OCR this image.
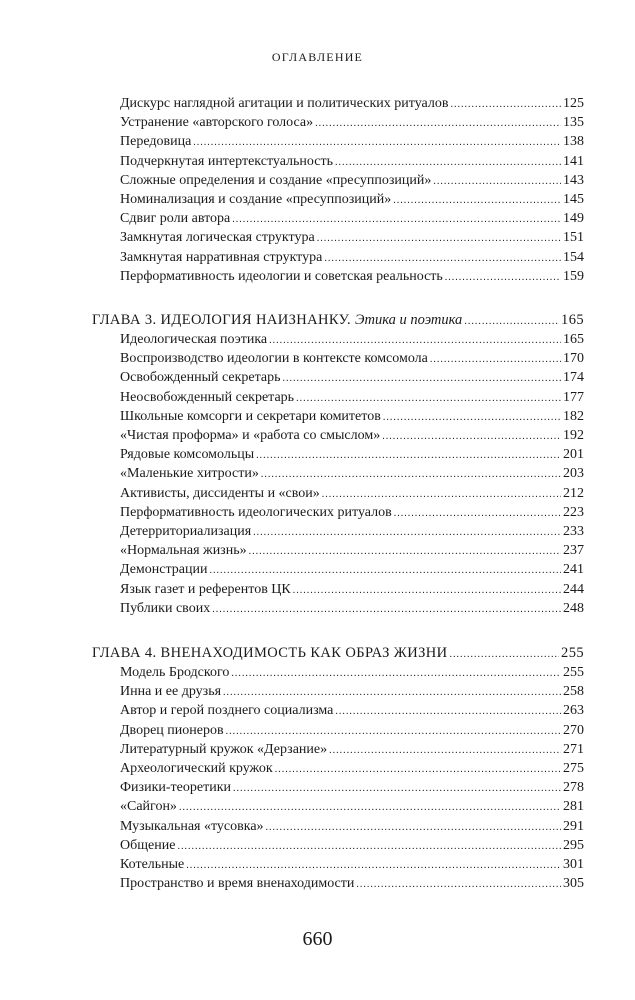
ОГЛАВЛЕНИЕ
Дискурс наглядной агитации и политических ритуалов .....	125
Устранение «авторского голоса» .....	135
Передовица .....	138
Подчеркнутая интертекстуальность .....	141
Сложные определения и создание «пресуппозиций» .....	143
Номинализация и создание «пресуппозиций» .....	145
Сдвиг роли автора .....	149
Замкнутая логическая структура .....	151
Замкнутая нарративная структура .....	154
Перформативность идеологии и советская реальность .....	159
ГЛАВА 3. ИДЕОЛОГИЯ НАИЗНАНКУ. Этика и поэтика .....	165
Идеологическая поэтика .....	165
Воспроизводство идеологии в контексте комсомола .....	170
Освобожденный секретарь .....	174
Неосвобожденный секретарь .....	177
Школьные комсорги и секретари комитетов .....	182
«Чистая проформа» и «работа со смыслом» .....	192
Рядовые комсомольцы .....	201
«Маленькие хитрости» .....	203
Активисты, диссиденты и «свои» .....	212
Перформативность идеологических ритуалов .....	223
Детерриториализация .....	233
«Нормальная жизнь» .....	237
Демонстрации .....	241
Язык газет и референтов ЦК .....	244
Публики своих .....	248
ГЛАВА 4. ВНЕНАХОДИМОСТЬ КАК ОБРАЗ ЖИЗНИ .....	255
Модель Бродского .....	255
Инна и ее друзья .....	258
Автор и герой позднего социализма .....	263
Дворец пионеров .....	270
Литературный кружок «Дерзание» .....	271
Археологический кружок .....	275
Физики-теоретики .....	278
«Сайгон» .....	281
Музыкальная «тусовка» .....	291
Общение .....	295
Котельные .....	301
Пространство и время вненаходимости .....	305
660
